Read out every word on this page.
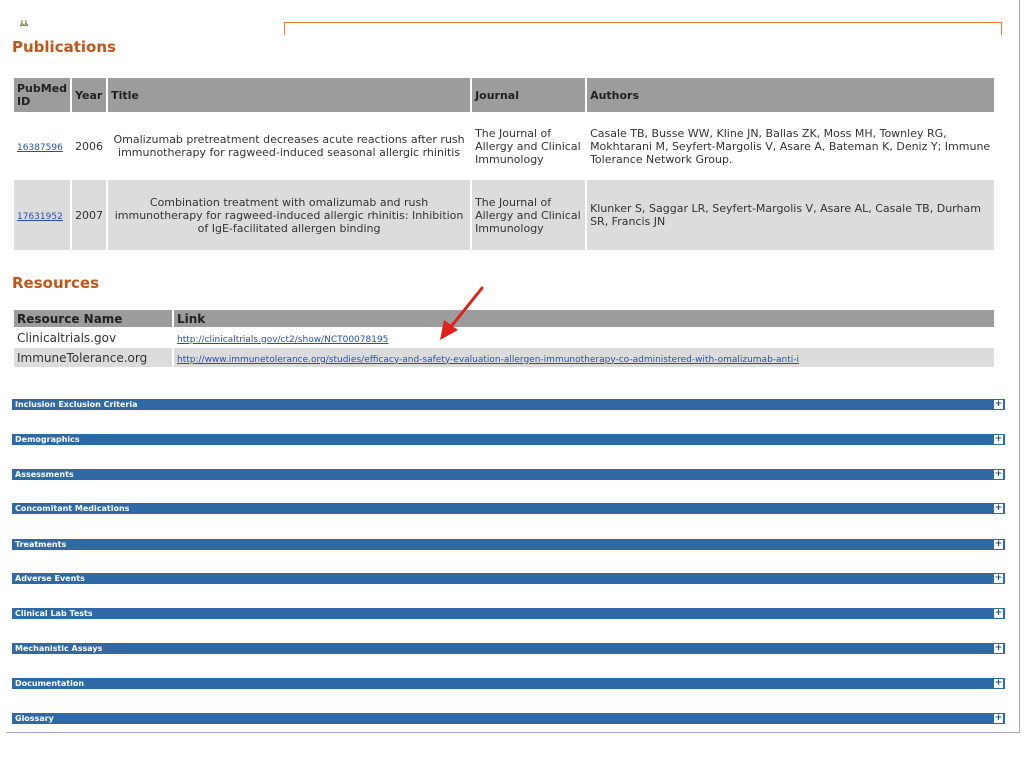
ﾑﾑ
Publications
PubMed ID	Year	Title	Journal	Authors
16387596	2006	Omalizumab pretreatment decreases acute reactions after rush immunotherapy for ragweed-induced seasonal allergic rhinitis	The Journal of Allergy and Clinical Immunology	Casale TB, Busse WW, Kline JN, Ballas ZK, Moss MH, Townley RG, Mokhtarani M, Seyfert-Margolis V, Asare A, Bateman K, Deniz Y; Immune Tolerance Network Group.
17631952	2007	Combination treatment with omalizumab and rush immunotherapy for ragweed-induced allergic rhinitis: Inhibition of IgE-facilitated allergen binding	The Journal of Allergy and Clinical Immunology	Klunker S, Saggar LR, Seyfert-Margolis V, Asare AL, Casale TB, Durham SR, Francis JN
Resources
Resource Name	Link
Clinicaltrials.gov	http://clinicaltrials.gov/ct2/show/NCT00078195
ImmuneTolerance.org	http://www.immunetolerance.org/studies/efficacy-and-safety-evaluation-allergen-immunotherapy-co-administered-with-omalizumab-anti-i
Inclusion Exclusion Criteria	+
Demographics	+
Assessments	+
Concomitant Medications	+
Treatments	+
Adverse Events	+
Clinical Lab Tests	+
Mechanistic Assays	+
Documentation	+
Glossary	+
